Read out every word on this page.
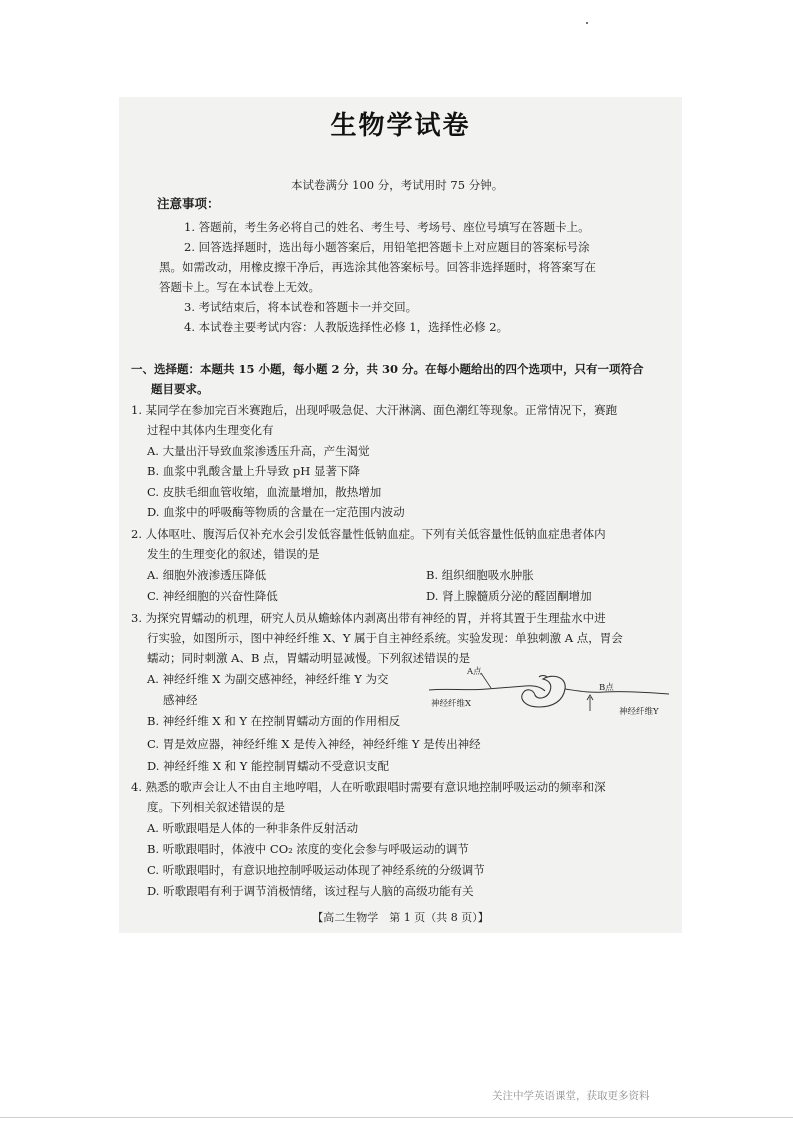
生物学试卷
本试卷满分 100 分，考试用时 75 分钟。
注意事项：
1. 答题前，考生务必将自己的姓名、考生号、考场号、座位号填写在答题卡上。
2. 回答选择题时，选出每小题答案后，用铅笔把答题卡上对应题目的答案标号涂
黑。如需改动，用橡皮擦干净后，再选涂其他答案标号。回答非选择题时，将答案写在
答题卡上。写在本试卷上无效。
3. 考试结束后，将本试卷和答题卡一并交回。
4. 本试卷主要考试内容：人教版选择性必修 1，选择性必修 2。
一、选择题：本题共 15 小题，每小题 2 分，共 30 分。在每小题给出的四个选项中，只有一项符合
题目要求。
1. 某同学在参加完百米赛跑后，出现呼吸急促、大汗淋漓、面色潮红等现象。正常情况下，赛跑
过程中其体内生理变化有
A. 大量出汗导致血浆渗透压升高，产生渴觉
B. 血浆中乳酸含量上升导致 pH 显著下降
C. 皮肤毛细血管收缩，血流量增加，散热增加
D. 血浆中的呼吸酶等物质的含量在一定范围内波动
2. 人体呕吐、腹泻后仅补充水会引发低容量性低钠血症。下列有关低容量性低钠血症患者体内
发生的生理变化的叙述，错误的是
A. 细胞外液渗透压降低	B. 组织细胞吸水肿胀
C. 神经细胞的兴奋性降低	D. 肾上腺髓质分泌的醛固酮增加
3. 为探究胃蠕动的机理，研究人员从蟾蜍体内剥离出带有神经的胃，并将其置于生理盐水中进
行实验，如图所示，图中神经纤维 X、Y 属于自主神经系统。实验发现：单独刺激 A 点，胃会
蠕动；同时刺激 A、B 点，胃蠕动明显减慢。下列叙述错误的是
A. 神经纤维 X 为副交感神经，神经纤维 Y 为交
感神经
B. 神经纤维 X 和 Y 在控制胃蠕动方面的作用相反
C. 胃是效应器，神经纤维 X 是传入神经，神经纤维 Y 是传出神经
D. 神经纤维 X 和 Y 能控制胃蠕动不受意识支配
A点
B点
神经纤维X
神经纤维Y
4. 熟悉的歌声会让人不由自主地哼唱，人在听歌跟唱时需要有意识地控制呼吸运动的频率和深
度。下列相关叙述错误的是
A. 听歌跟唱是人体的一种非条件反射活动
B. 听歌跟唱时，体液中 CO₂ 浓度的变化会参与呼吸运动的调节
C. 听歌跟唱时，有意识地控制呼吸运动体现了神经系统的分级调节
D. 听歌跟唱有利于调节消极情绪，该过程与人脑的高级功能有关
【高二生物学　第 1 页（共 8 页）】
关注中学英语课堂，获取更多资料
